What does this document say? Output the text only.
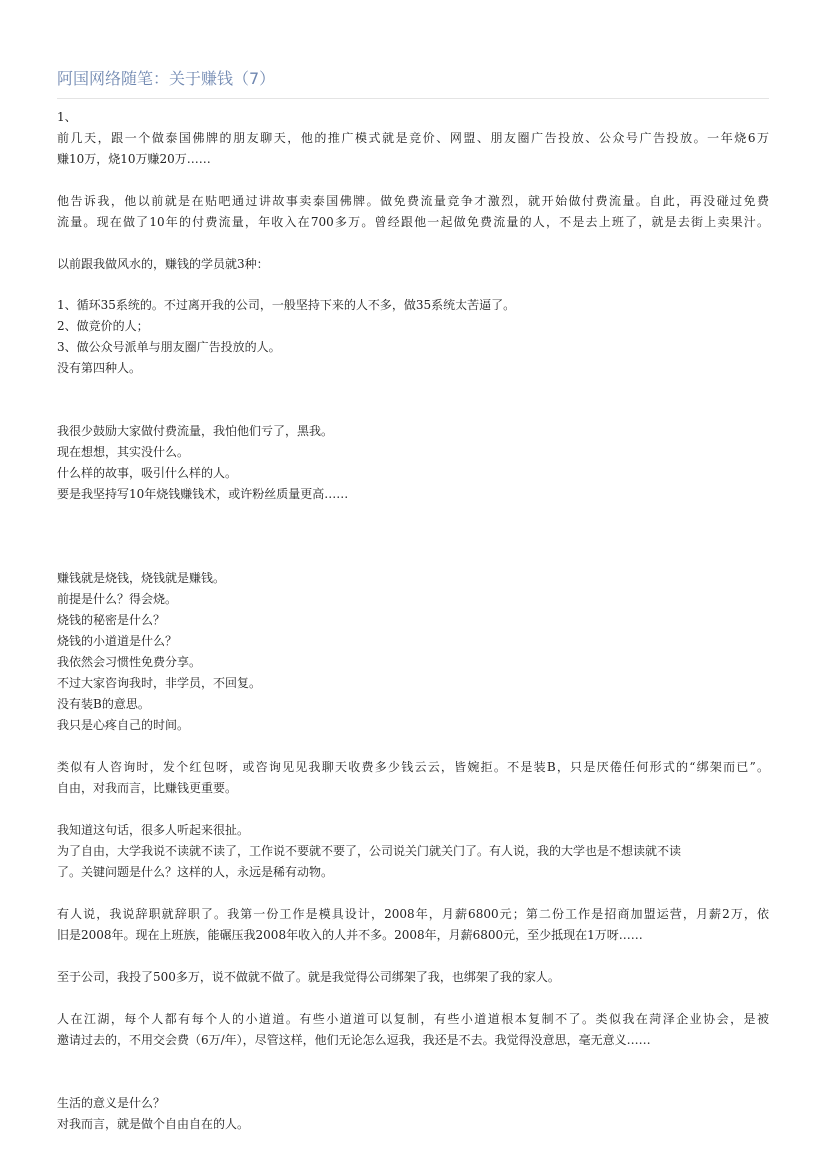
阿国网络随笔：关于赚钱（7）
1、
前几天，跟一个做泰国佛牌的朋友聊天，他的推广模式就是竞价、网盟、朋友圈广告投放、公众号广告投放。一年烧6万
赚10万，烧10万赚20万……
他告诉我，他以前就是在贴吧通过讲故事卖泰国佛牌。做免费流量竞争才激烈，就开始做付费流量。自此，再没碰过免费
流量。现在做了10年的付费流量，年收入在700多万。曾经跟他一起做免费流量的人，不是去上班了，就是去街上卖果汁。
以前跟我做风水的，赚钱的学员就3种：
1、循环35系统的。不过离开我的公司，一般坚持下来的人不多，做35系统太苦逼了。
2、做竞价的人；
3、做公众号派单与朋友圈广告投放的人。
没有第四种人。
我很少鼓励大家做付费流量，我怕他们亏了，黑我。
现在想想，其实没什么。
什么样的故事，吸引什么样的人。
要是我坚持写10年烧钱赚钱术，或许粉丝质量更高……
赚钱就是烧钱，烧钱就是赚钱。
前提是什么？得会烧。
烧钱的秘密是什么？
烧钱的小道道是什么？
我依然会习惯性免费分享。
不过大家咨询我时，非学员，不回复。
没有装B的意思。
我只是心疼自己的时间。
类似有人咨询时，发个红包呀，或咨询见见我聊天收费多少钱云云，皆婉拒。不是装B，只是厌倦任何形式的“绑架而已”。
自由，对我而言，比赚钱更重要。
我知道这句话，很多人听起来很扯。
为了自由，大学我说不读就不读了，工作说不要就不要了，公司说关门就关门了。有人说，我的大学也是不想读就不读
了。关键问题是什么？这样的人，永远是稀有动物。
有人说，我说辞职就辞职了。我第一份工作是模具设计，2008年，月薪6800元；第二份工作是招商加盟运营，月薪2万，依
旧是2008年。现在上班族，能碾压我2008年收入的人并不多。2008年，月薪6800元，至少抵现在1万呀……
至于公司，我投了500多万，说不做就不做了。就是我觉得公司绑架了我，也绑架了我的家人。
人在江湖，每个人都有每个人的小道道。有些小道道可以复制，有些小道道根本复制不了。类似我在菏泽企业协会，是被
邀请过去的，不用交会费（6万/年），尽管这样，他们无论怎么逗我，我还是不去。我觉得没意思，毫无意义……
生活的意义是什么？
对我而言，就是做个自由自在的人。
